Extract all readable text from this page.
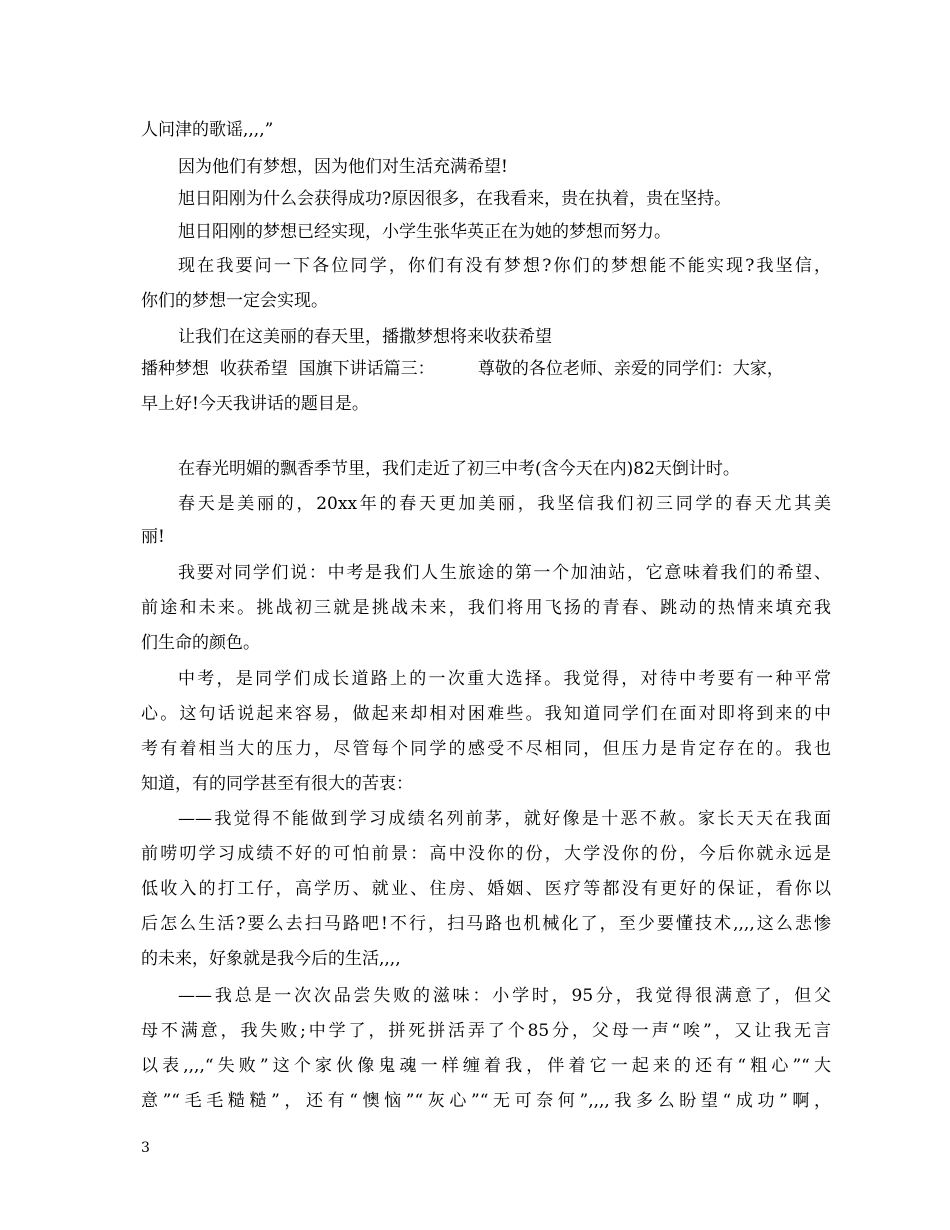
人问津的歌谣,,,,”
因为他们有梦想，因为他们对生活充满希望!
旭日阳刚为什么会获得成功?原因很多，在我看来，贵在执着，贵在坚持。
旭日阳刚的梦想已经实现，小学生张华英正在为她的梦想而努力。
现在我要问一下各位同学，你们有没有梦想?你们的梦想能不能实现?我坚信，
你们的梦想一定会实现。
让我们在这美丽的春天里，播撒梦想将来收获希望
播种梦想  收获希望  国旗下讲话篇三：        尊敬的各位老师、亲爱的同学们：大家，
早上好!今天我讲话的题目是。
在春光明媚的飘香季节里，我们走近了初三中考(含今天在内)82天倒计时。
春天是美丽的，20xx年的春天更加美丽，我坚信我们初三同学的春天尤其美
丽!
我要对同学们说：中考是我们人生旅途的第一个加油站，它意味着我们的希望、
前途和未来。挑战初三就是挑战未来，我们将用飞扬的青春、跳动的热情来填充我
们生命的颜色。
中考，是同学们成长道路上的一次重大选择。我觉得，对待中考要有一种平常
心。这句话说起来容易，做起来却相对困难些。我知道同学们在面对即将到来的中
考有着相当大的压力，尽管每个同学的感受不尽相同，但压力是肯定存在的。我也
知道，有的同学甚至有很大的苦衷：
——我觉得不能做到学习成绩名列前茅，就好像是十恶不赦。家长天天在我面
前唠叨学习成绩不好的可怕前景：高中没你的份，大学没你的份，今后你就永远是
低收入的打工仔，高学历、就业、住房、婚姻、医疗等都没有更好的保证，看你以
后怎么生活?要么去扫马路吧!不行，扫马路也机械化了，至少要懂技术,,,,这么悲惨
的未来，好象就是我今后的生活,,,,
——我总是一次次品尝失败的滋味：小学时，95分，我觉得很满意了，但父
母不满意，我失败;中学了，拼死拼活弄了个85分，父母一声“唉”，又让我无言
以表,,,,“失败”这个家伙像鬼魂一样缠着我，伴着它一起来的还有“粗心”“大
意”“毛毛糙糙”，还有“懊恼”“灰心”“无可奈何”,,,,我多么盼望“成功”啊，
3
